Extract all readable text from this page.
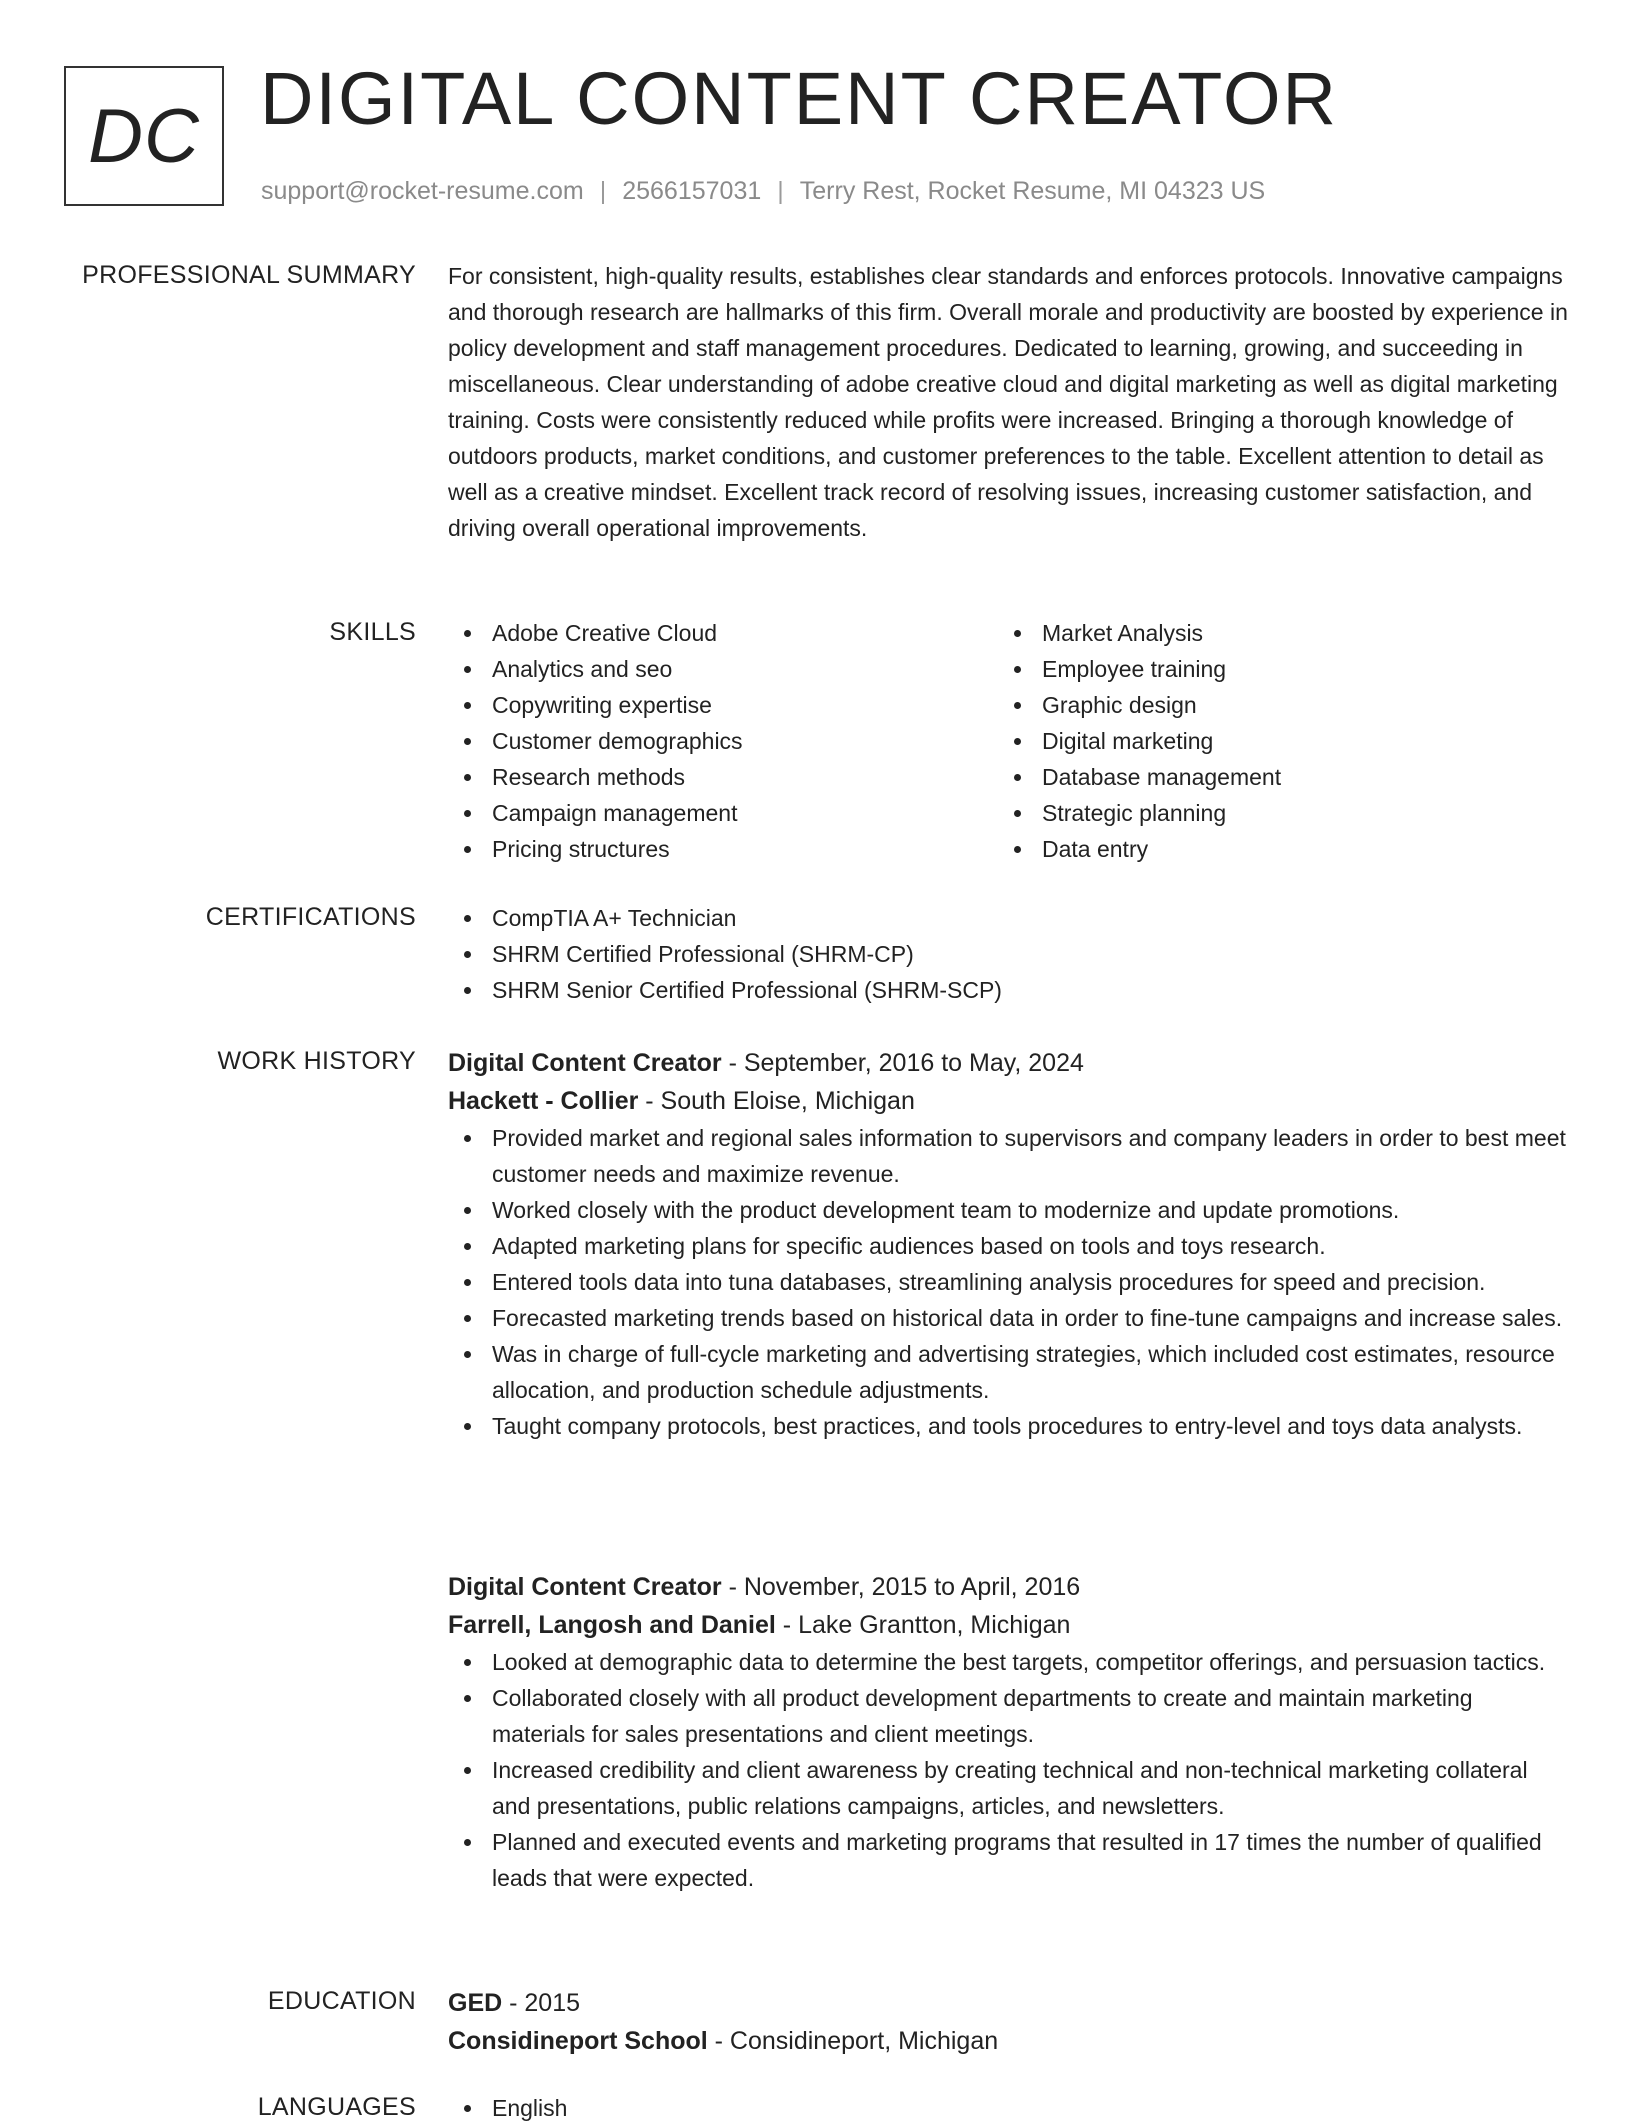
DC DIGITAL CONTENT CREATOR
support@rocket-resume.com | 2566157031 | Terry Rest, Rocket Resume, MI 04323 US
PROFESSIONAL SUMMARY For consistent, high-quality results, establishes clear standards and enforces protocols. Innovative campaigns and thorough research are hallmarks of this firm. Overall morale and productivity are boosted by experience in policy development and staff management procedures. Dedicated to learning, growing, and succeeding in miscellaneous. Clear understanding of adobe creative cloud and digital marketing as well as digital marketing training. Costs were consistently reduced while profits were increased. Bringing a thorough knowledge of outdoors products, market conditions, and customer preferences to the table. Excellent attention to detail as well as a creative mindset. Excellent track record of resolving issues, increasing customer satisfaction, and driving overall operational improvements.

SKILLS	Adobe Creative Cloud
Analytics and seo
Copywriting expertise
Customer demographics
Research methods
Campaign management
Pricing structures
Market Analysis
Employee training
Graphic design
Digital marketing
Database management
Strategic planning
Data entry
CERTIFICATIONS	CompTIA A+ Technician
SHRM Certified Professional (SHRM-CP)
SHRM Senior Certified Professional (SHRM-SCP)
WORK HISTORY Digital Content Creator - September, 2016 to May, 2024
Hackett - Collier - South Eloise, Michigan
Provided market and regional sales information to supervisors and company leaders in order to best meet customer needs and maximize revenue.
Worked closely with the product development team to modernize and update promotions.
Adapted marketing plans for specific audiences based on tools and toys research.
Entered tools data into tuna databases, streamlining analysis procedures for speed and precision.
Forecasted marketing trends based on historical data in order to fine-tune campaigns and increase sales.
Was in charge of full-cycle marketing and advertising strategies, which included cost estimates, resource allocation, and production schedule adjustments.
Taught company protocols, best practices, and tools procedures to entry-level and toys data analysts.
Digital Content Creator - November, 2015 to April, 2016
Farrell, Langosh and Daniel - Lake Grantton, Michigan
Looked at demographic data to determine the best targets, competitor offerings, and persuasion tactics.
Collaborated closely with all product development departments to create and maintain marketing materials for sales presentations and client meetings.
Increased credibility and client awareness by creating technical and non-technical marketing collateral and presentations, public relations campaigns, articles, and newsletters.
Planned and executed events and marketing programs that resulted in 17 times the number of qualified leads that were expected.
EDUCATION GED - 2015
Considineport School - Considineport, Michigan
LANGUAGES	English
